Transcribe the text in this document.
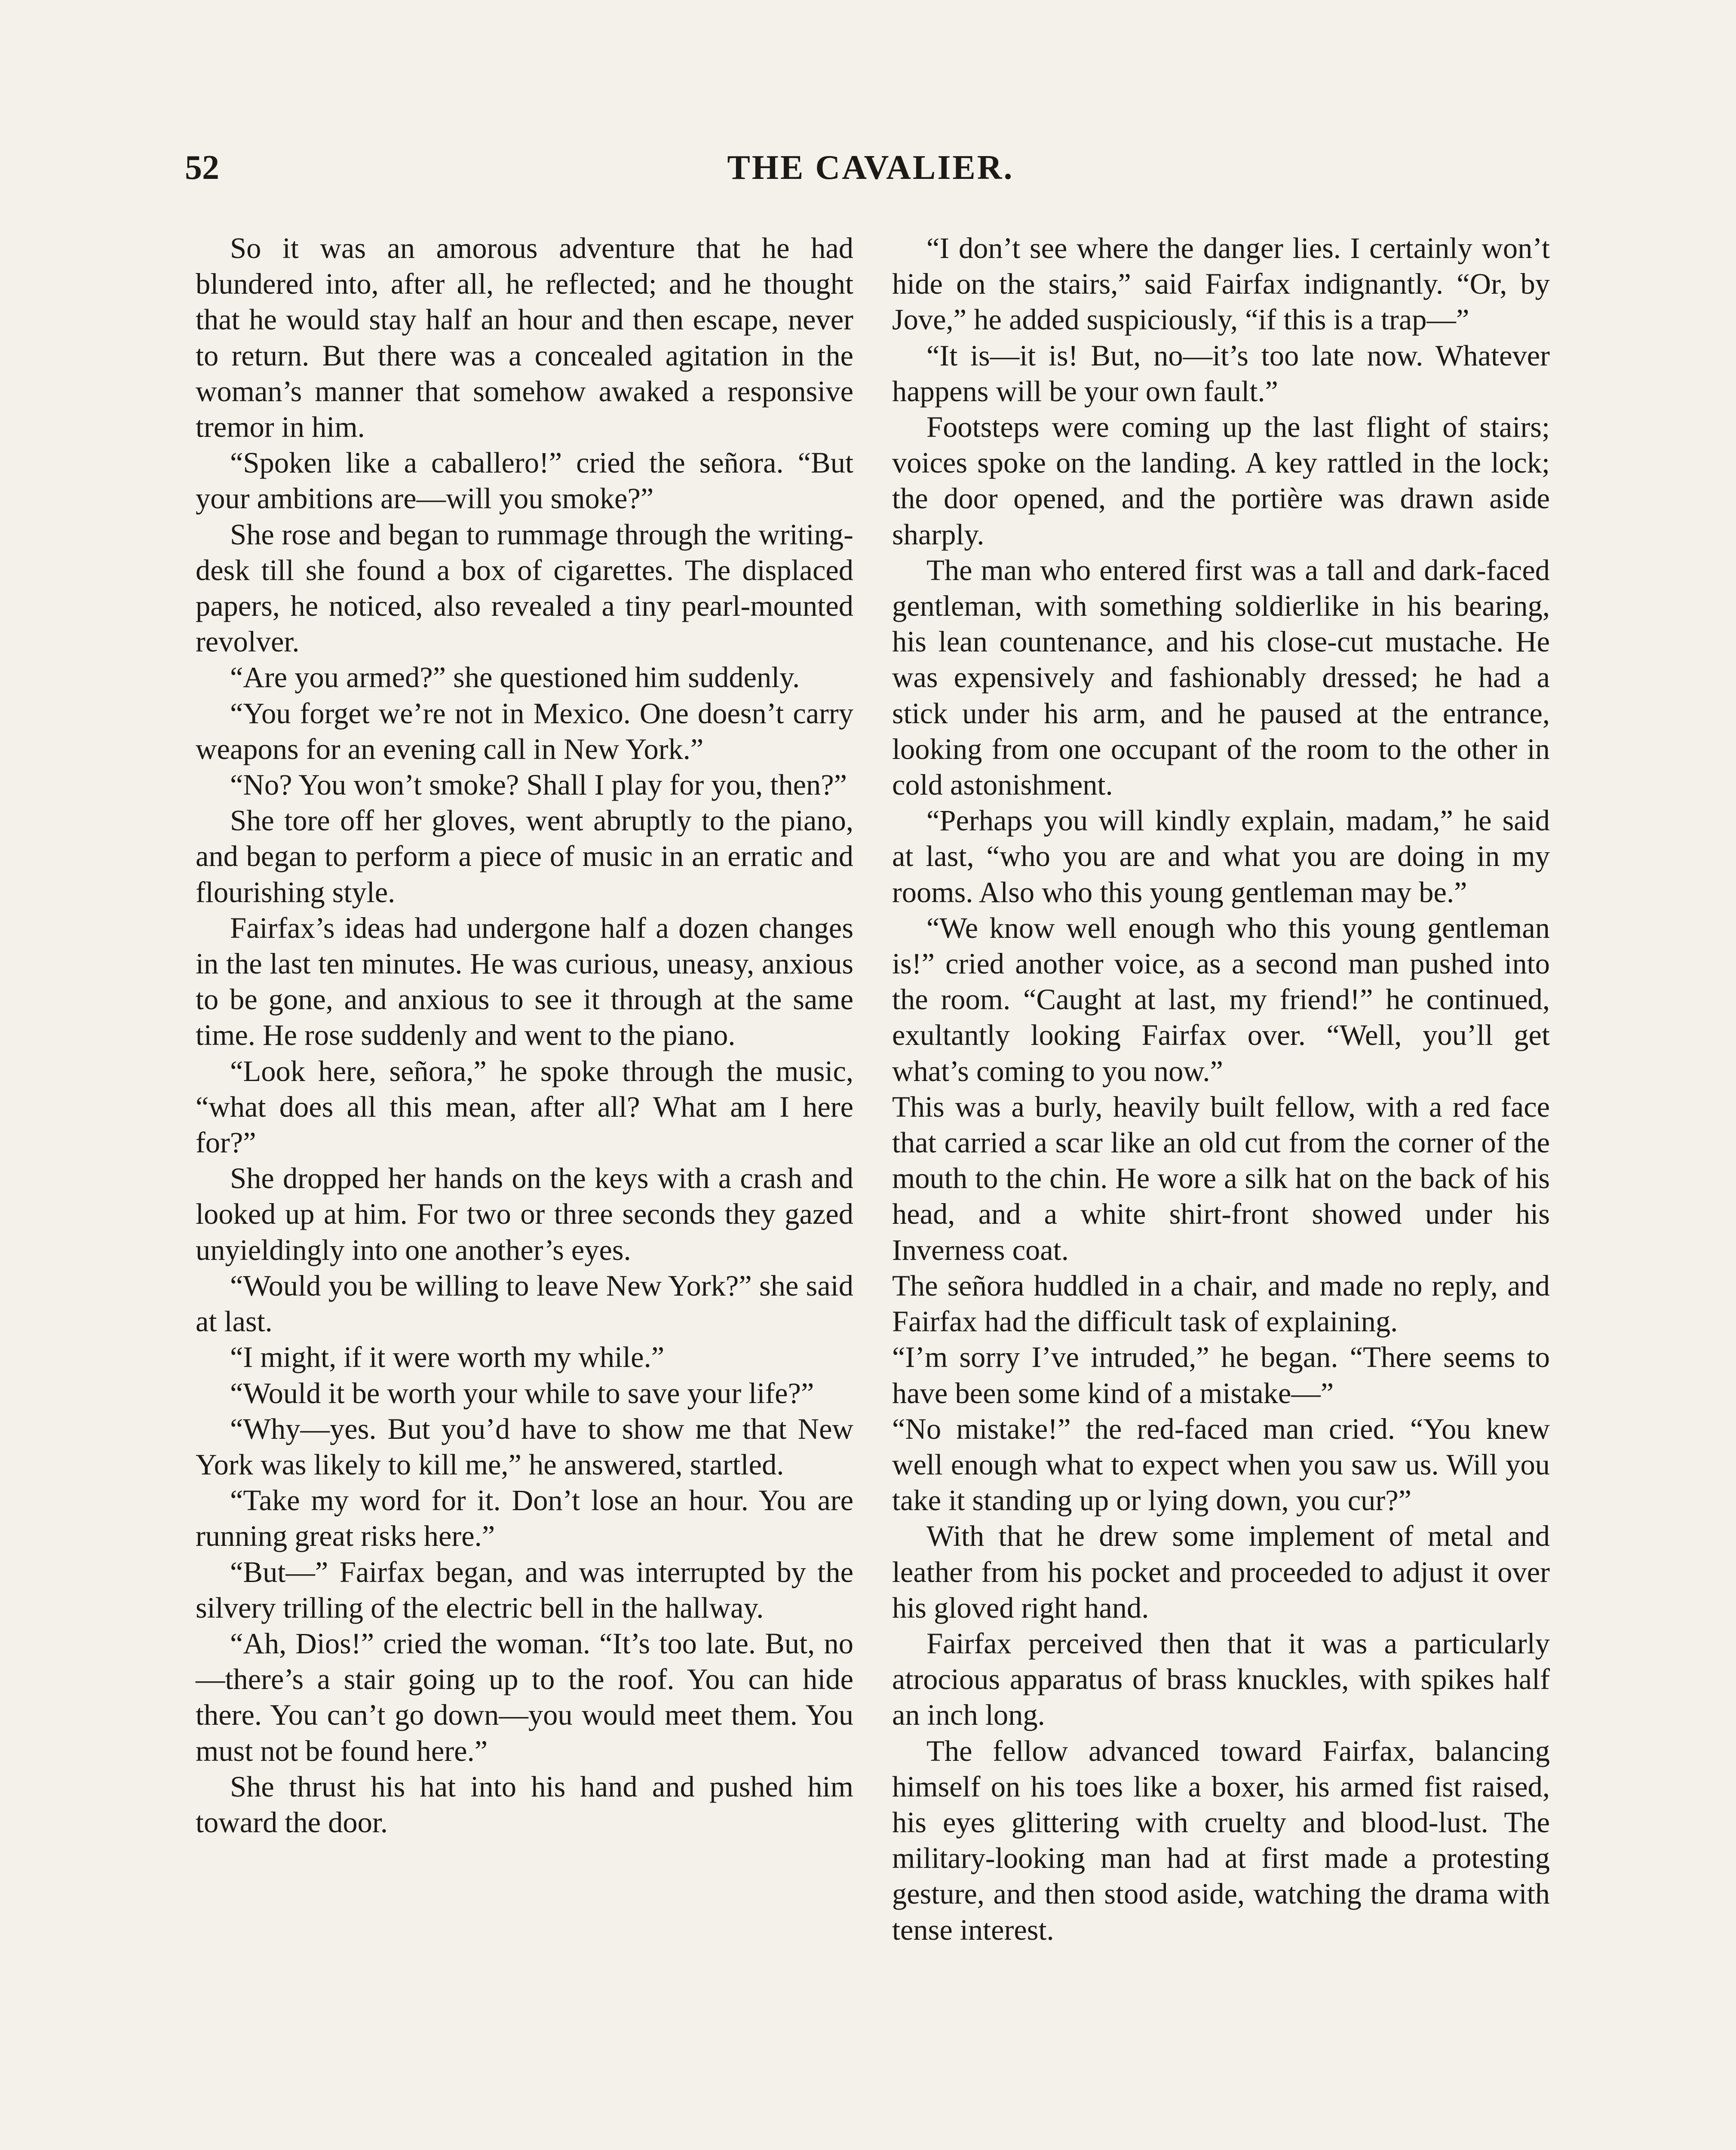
52	THE CAVALIER.

So it was an amorous adventure that he had blundered into, after all, he reflected; and he thought that he would stay half an hour and then escape, never to return. But there was a concealed agitation in the woman’s manner that somehow awaked a responsive tremor in him.

“Spoken like a caballero!” cried the señora. “But your ambitions are—will you smoke?”

She rose and began to rummage through the writing-desk till she found a box of cigarettes. The displaced papers, he noticed, also revealed a tiny pearl-mounted revolver.

“Are you armed?” she questioned him suddenly.

“You forget we’re not in Mexico. One doesn’t carry weapons for an evening call in New York.”

“No? You won’t smoke? Shall I play for you, then?”

She tore off her gloves, went abruptly to the piano, and began to perform a piece of music in an erratic and flourishing style.

Fairfax’s ideas had undergone half a dozen changes in the last ten minutes. He was curious, uneasy, anxious to be gone, and anxious to see it through at the same time. He rose suddenly and went to the piano.

“Look here, señora,” he spoke through the music, “what does all this mean, after all? What am I here for?”

She dropped her hands on the keys with a crash and looked up at him. For two or three seconds they gazed unyieldingly into one another’s eyes.

“Would you be willing to leave New York?” she said at last.

“I might, if it were worth my while.”

“Would it be worth your while to save your life?”

“Why—yes. But you’d have to show me that New York was likely to kill me,” he answered, startled.

“Take my word for it. Don’t lose an hour. You are running great risks here.”

“But—” Fairfax began, and was interrupted by the silvery trilling of the electric bell in the hallway.

“Ah, Dios!” cried the woman. “It’s too late. But, no—there’s a stair going up to the roof. You can hide there. You can’t go down—you would meet them. You must not be found here.”

She thrust his hat into his hand and pushed him toward the door.

“I don’t see where the danger lies. I certainly won’t hide on the stairs,” said Fairfax indignantly. “Or, by Jove,” he added suspiciously, “if this is a trap—”

“It is—it is! But, no—it’s too late now. Whatever happens will be your own fault.”

Footsteps were coming up the last flight of stairs; voices spoke on the landing. A key rattled in the lock; the door opened, and the portière was drawn aside sharply.

The man who entered first was a tall and dark-faced gentleman, with something soldierlike in his bearing, his lean countenance, and his close-cut mustache. He was expensively and fashionably dressed; he had a stick under his arm, and he paused at the entrance, looking from one occupant of the room to the other in cold astonishment.

“Perhaps you will kindly explain, madam,” he said at last, “who you are and what you are doing in my rooms. Also who this young gentleman may be.”

“We know well enough who this young gentleman is!” cried another voice, as a second man pushed into the room. “Caught at last, my friend!” he continued, exultantly looking Fairfax over. “Well, you’ll get what’s coming to you now.”

This was a burly, heavily built fellow, with a red face that carried a scar like an old cut from the corner of the mouth to the chin. He wore a silk hat on the back of his head, and a white shirt-front showed under his Inverness coat.

The señora huddled in a chair, and made no reply, and Fairfax had the difficult task of explaining.

“I’m sorry I’ve intruded,” he began. “There seems to have been some kind of a mistake—”

“No mistake!” the red-faced man cried. “You knew well enough what to expect when you saw us. Will you take it standing up or lying down, you cur?”

With that he drew some implement of metal and leather from his pocket and proceeded to adjust it over his gloved right hand.

Fairfax perceived then that it was a particularly atrocious apparatus of brass knuckles, with spikes half an inch long.

The fellow advanced toward Fairfax, balancing himself on his toes like a boxer, his armed fist raised, his eyes glittering with cruelty and blood-lust. The military-looking man had at first made a protesting gesture, and then stood aside, watching the drama with tense interest.
